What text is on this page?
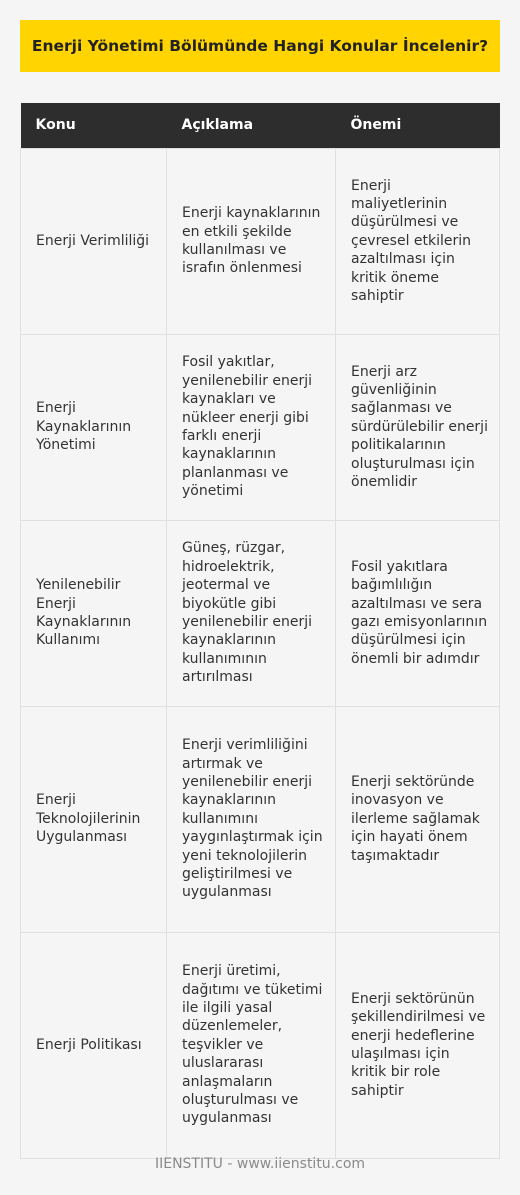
Enerji Yönetimi Bölümünde Hangi Konular İncelenir?
Konu	Açıklama	Önemi
Enerji Verimliliği	Enerji kaynaklarının en etkili şekilde kullanılması ve israfın önlenmesi	Enerji maliyetlerinin düşürülmesi ve çevresel etkilerin azaltılması için kritik öneme sahiptir
Enerji Kaynaklarının Yönetimi	Fosil yakıtlar, yenilenebilir enerji kaynakları ve nükleer enerji gibi farklı enerji kaynaklarının planlanması ve yönetimi	Enerji arz güvenliğinin sağlanması ve sürdürülebilir enerji politikalarının oluşturulması için önemlidir
Yenilenebilir Enerji Kaynaklarının Kullanımı	Güneş, rüzgar, hidroelektrik, jeotermal ve biyokütle gibi yenilenebilir enerji kaynaklarının kullanımının artırılması	Fosil yakıtlara bağımlılığın azaltılması ve sera gazı emisyonlarının düşürülmesi için önemli bir adımdır
Enerji Teknolojilerinin Uygulanması	Enerji verimliliğini artırmak ve yenilenebilir enerji kaynaklarının kullanımını yaygınlaştırmak için yeni teknolojilerin geliştirilmesi ve uygulanması	Enerji sektöründe inovasyon ve ilerleme sağlamak için hayati önem taşımaktadır
Enerji Politikası	Enerji üretimi, dağıtımı ve tüketimi ile ilgili yasal düzenlemeler, teşvikler ve uluslararası anlaşmaların oluşturulması ve uygulanması	Enerji sektörünün şekillendirilmesi ve enerji hedeflerine ulaşılması için kritik bir role sahiptir
IIENSTITU - www.iienstitu.com
